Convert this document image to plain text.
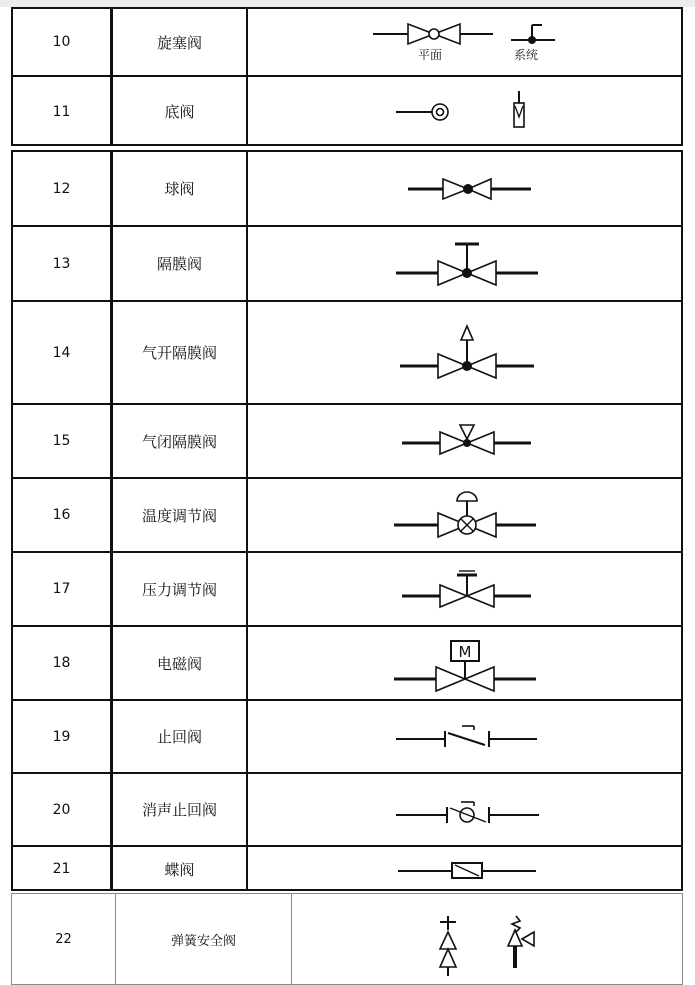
10	旋塞阀
平面	系统
11	底阀
12	球阀
13	隔膜阀
14	气开隔膜阀
15	气闭隔膜阀
16	温度调节阀
17	压力调节阀
18	电磁阀
M
19	止回阀
20	消声止回阀
21	蝶阀
22	弹簧安全阀
